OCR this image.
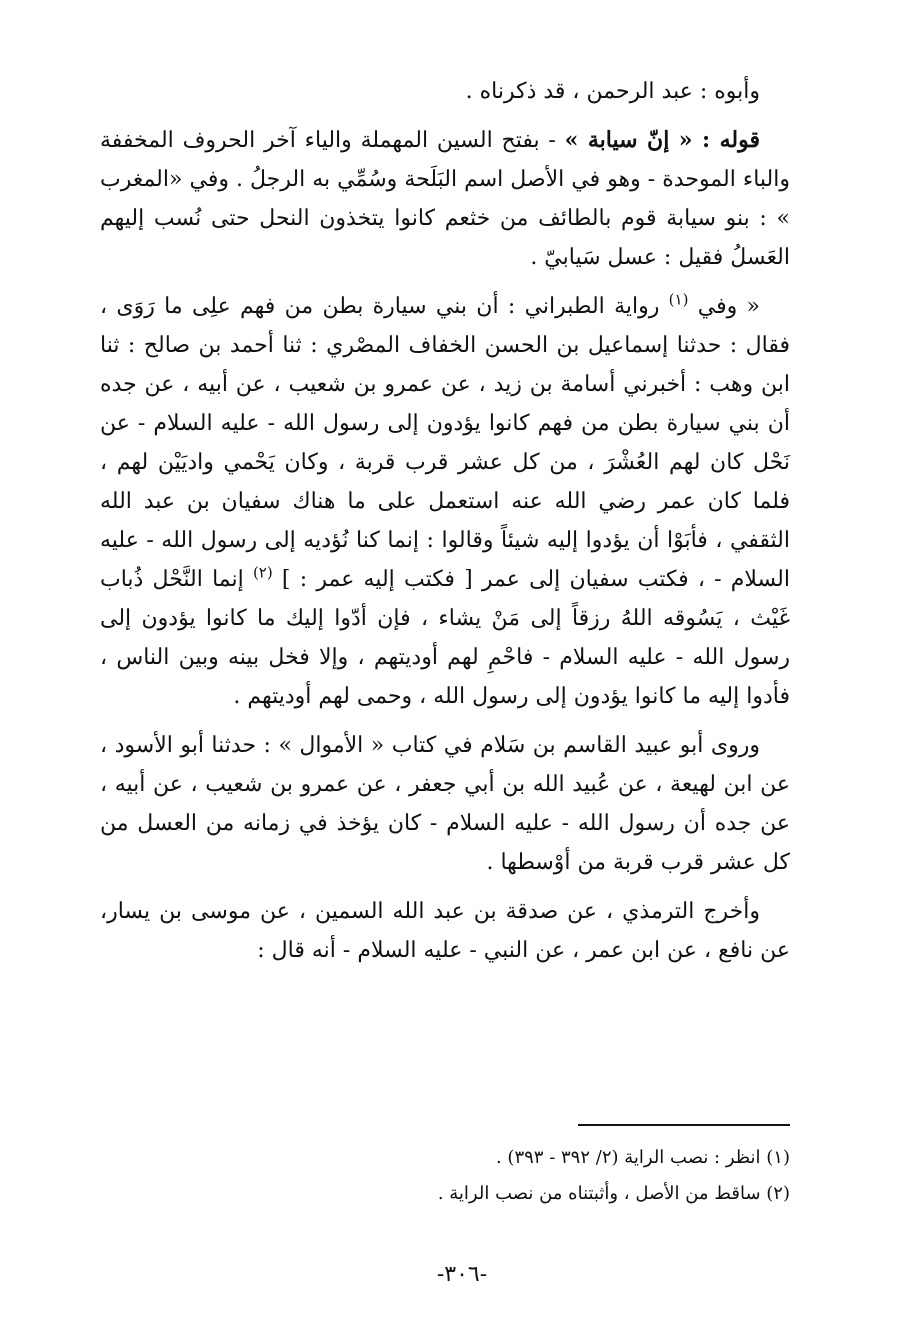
وأبوه : عبد الرحمن ، قد ذكرناه .

قوله : « إنّ سيابة » - بفتح السين المهملة والياء آخر الحروف المخففة والباء الموحدة - وهو في الأصل اسم البَلَحة وسُمِّي به الرجلُ . وفي «المغرب » : بنو سيابة قوم بالطائف من خثعم كانوا يتخذون النحل حتى نُسب إليهم العَسلُ فقيل : عسل سَيابيّ .

« وفي $^{(١)}$ رواية الطبراني : أن بني سيارة بطن من فهم علِى ما رَوَى ، فقال : حدثنا إسماعيل بن الحسن الخفاف المصْري : ثنا أحمد بن صالح : ثنا ابن وهب : أخبرني أسامة بن زيد ، عن عمرو بن شعيب ، عن أبيه ، عن جده أن بني سيارة بطن من فهم كانوا يؤدون إلى رسول الله - عليه السلام - عن نَحْل كان لهم العُشْرَ ، من كل عشر قرب قربة ، وكان يَحْمي واديَيْن لهم ، فلما كان عمر رضي الله عنه استعمل على ما هناك سفيان بن عبد الله الثقفي ، فأبَوْا أن يؤدوا إليه شيئاً وقالوا : إنما كنا نُؤديه إلى رسول الله - عليه السلام - ، فكتب سفيان إلى عمر [ فكتب إليه عمر : ] $^{(٢)}$ إنما النَّحْل ذُباب غَيْث ، يَسُوقه اللهُ رزقاً إلى مَنْ يشاء ، فإن أدّوا إليك ما كانوا يؤدون إلى رسول الله - عليه السلام - فاحْمِ لهم أوديتهم ، وإلا فخل بينه وبين الناس ، فأدوا إليه ما كانوا يؤدون إلى رسول الله ، وحمى لهم أوديتهم .

وروى أبو عبيد القاسم بن سَلام في كتاب « الأموال » : حدثنا أبو الأسود ، عن ابن لهيعة ، عن عُبيد الله بن أبي جعفر ، عن عمرو بن شعيب ، عن أبيه ، عن جده أن رسول الله - عليه السلام - كان يؤخذ في زمانه من العسل من كل عشر قرب قربة من أوْسطها .

وأخرج الترمذي ، عن صدقة بن عبد الله السمين ، عن موسى بن يسار، عن نافع ، عن ابن عمر ، عن النبي - عليه السلام - أنه قال :

(١) انظر : نصب الراية (٢/ ٣٩٢ - ٣٩٣) .
(٢) ساقط من الأصل ، وأثبتناه من نصب الراية .
-٣٠٦-
